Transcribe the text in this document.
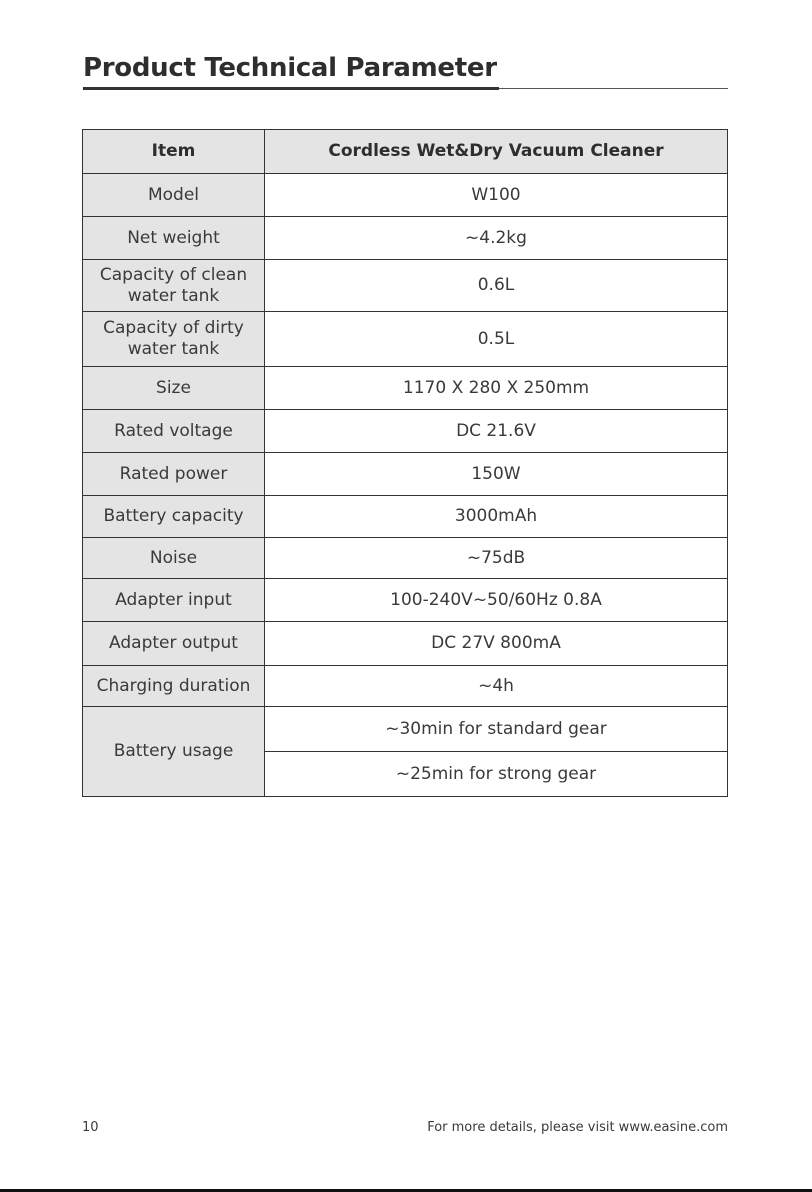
Product Technical Parameter
Item	Cordless Wet&Dry Vacuum Cleaner
Model	W100
Net weight	~4.2kg
Capacity of clean water tank	0.6L
Capacity of dirty water tank	0.5L
Size	1170 X 280 X 250mm
Rated voltage	DC 21.6V
Rated power	150W
Battery capacity	3000mAh
Noise	~75dB
Adapter input	100-240V~50/60Hz 0.8A
Adapter output	DC 27V 800mA
Charging duration	~4h
Battery usage	~30min for standard gear
	~25min for strong gear
10	For more details, please visit www.easine.com
